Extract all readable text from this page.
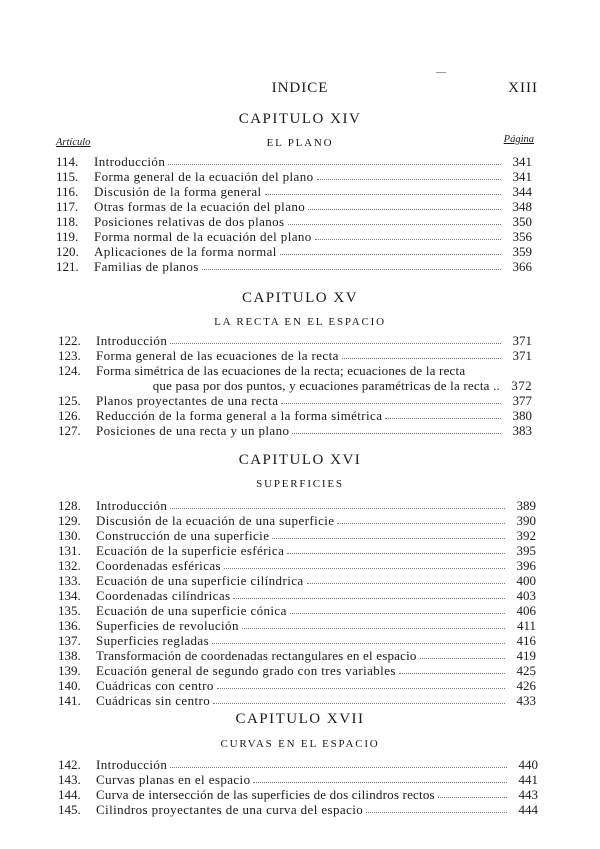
INDICE	XIII
CAPITULO XIV
Artículo	EL PLANO	Página
114.	Introducción	341
115.	Forma general de la ecuación del plano	341
116.	Discusión de la forma general	344
117.	Otras formas de la ecuación del plano	348
118.	Posiciones relativas de dos planos	350
119.	Forma normal de la ecuación del plano	356
120.	Aplicaciones de la forma normal	359
121.	Familias de planos	366
CAPITULO XV
LA RECTA EN EL ESPACIO
122.	Introducción	371
123.	Forma general de las ecuaciones de la recta	371
124.	Forma simétrica de las ecuaciones de la recta; ecuaciones de la recta
que pasa por dos puntos, y ecuaciones paramétricas de la recta .. 372
125.	Planos proyectantes de una recta	377
126.	Reducción de la forma general a la forma simétrica	380
127.	Posiciones de una recta y un plano	383
CAPITULO XVI
SUPERFICIES
128.	Introducción	389
129.	Discusión de la ecuación de una superficie	390
130.	Construcción de una superficie	392
131.	Ecuación de la superficie esférica	395
132.	Coordenadas esféricas	396
133.	Ecuación de una superficie cilíndrica	400
134.	Coordenadas cilíndricas	403
135.	Ecuación de una superficie cónica	406
136.	Superficies de revolución	411
137.	Superficies regladas	416
138.	Transformación de coordenadas rectangulares en el espacio	419
139.	Ecuación general de segundo grado con tres variables	425
140.	Cuádricas con centro	426
141.	Cuádricas sin centro	433
CAPITULO XVII
CURVAS EN EL ESPACIO
142.	Introducción	440
143.	Curvas planas en el espacio	441
144.	Curva de intersección de las superficies de dos cilindros rectos	443
145.	Cilindros proyectantes de una curva del espacio	444
